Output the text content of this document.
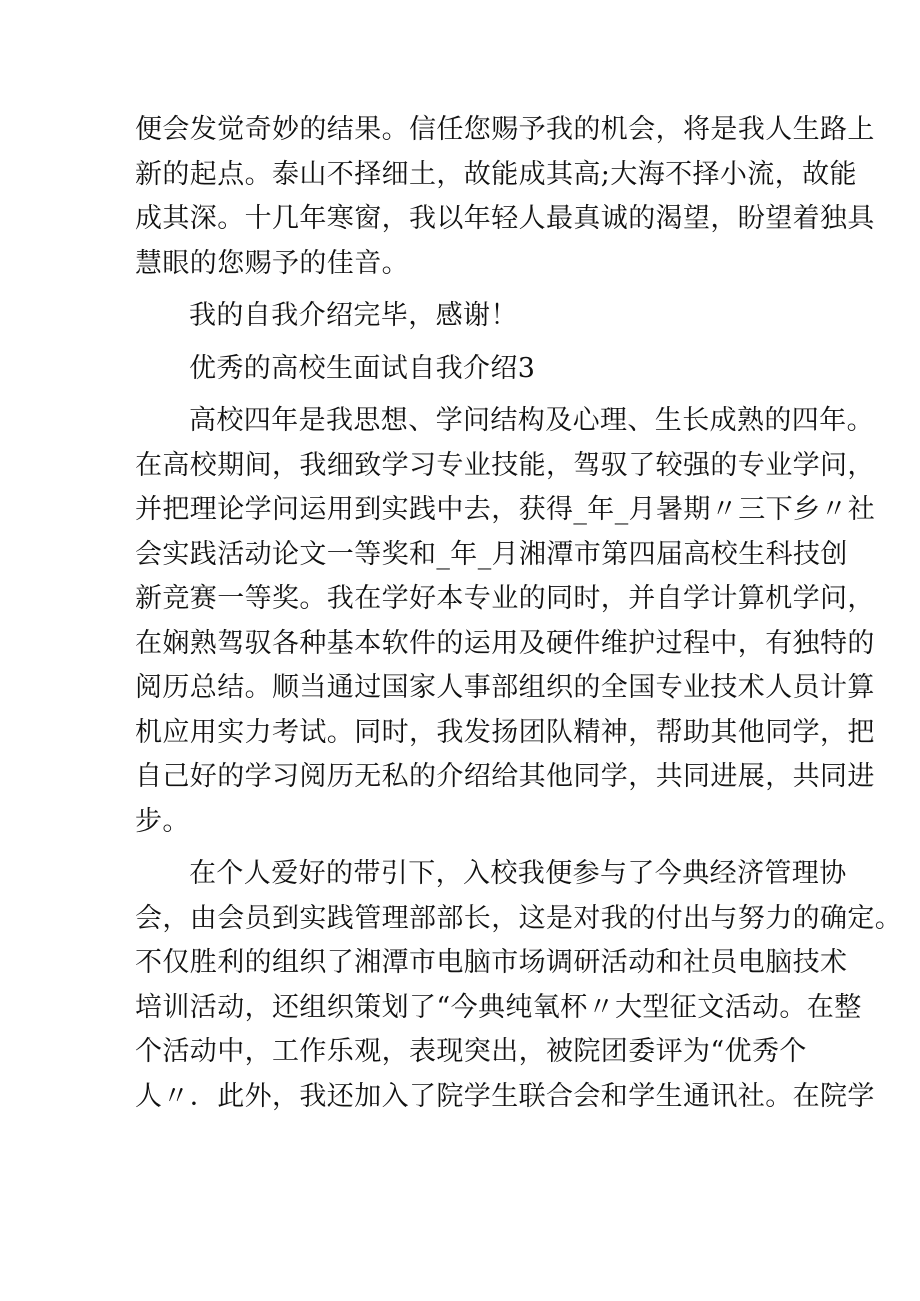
便会发觉奇妙的结果。信任您赐予我的机会，将是我人生路上
新的起点。泰山不择细土，故能成其高;大海不择小流，故能
成其深。十几年寒窗，我以年轻人最真诚的渴望，盼望着独具
慧眼的您赐予的佳音。
我的自我介绍完毕，感谢！
优秀的高校生面试自我介绍3
高校四年是我思想、学问结构及心理、生长成熟的四年。
在高校期间，我细致学习专业技能，驾驭了较强的专业学问，
并把理论学问运用到实践中去，获得_年_月暑期〃三下乡〃社
会实践活动论文一等奖和_年_月湘潭市第四届高校生科技创
新竞赛一等奖。我在学好本专业的同时，并自学计算机学问，
在娴熟驾驭各种基本软件的运用及硬件维护过程中，有独特的
阅历总结。顺当通过国家人事部组织的全国专业技术人员计算
机应用实力考试。同时，我发扬团队精神，帮助其他同学，把
自己好的学习阅历无私的介绍给其他同学，共同进展，共同进
步。
在个人爱好的带引下，入校我便参与了今典经济管理协
会，由会员到实践管理部部长，这是对我的付出与努力的确定。
不仅胜利的组织了湘潭市电脑市场调研活动和社员电脑技术
培训活动，还组织策划了“今典纯氧杯〃大型征文活动。在整
个活动中，工作乐观，表现突出，被院团委评为“优秀个
人〃．此外，我还加入了院学生联合会和学生通讯社。在院学
